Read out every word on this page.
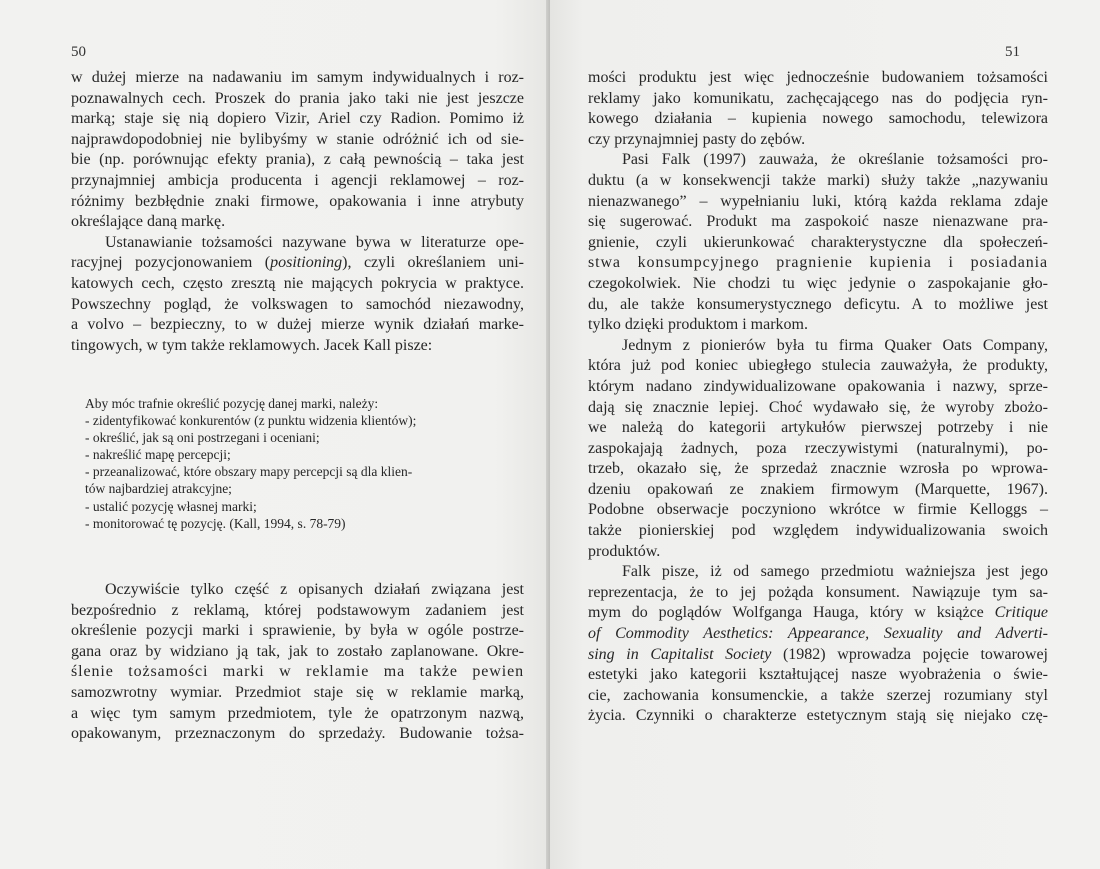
50
w dużej mierze na nadawaniu im samym indywidualnych i roz-
poznawalnych cech. Proszek do prania jako taki nie jest jeszcze
marką; staje się nią dopiero Vizir, Ariel czy Radion. Pomimo iż
najprawdopodobniej nie bylibyśmy w stanie odróżnić ich od sie-
bie (np. porównując efekty prania), z całą pewnością – taka jest
przynajmniej ambicja producenta i agencji reklamowej – roz-
różnimy bezbłędnie znaki firmowe, opakowania i inne atrybuty
określające daną markę.
Ustanawianie tożsamości nazywane bywa w literaturze ope-
racyjnej pozycjonowaniem (positioning), czyli określaniem uni-
katowych cech, często zresztą nie mających pokrycia w praktyce.
Powszechny pogląd, że volkswagen to samochód niezawodny,
a volvo – bezpieczny, to w dużej mierze wynik działań marke-
tingowych, w tym także reklamowych. Jacek Kall pisze:
Aby móc trafnie określić pozycję danej marki, należy:
- zidentyfikować konkurentów (z punktu widzenia klientów);
- określić, jak są oni postrzegani i oceniani;
- nakreślić mapę percepcji;
- przeanalizować, które obszary mapy percepcji są dla klien-
tów najbardziej atrakcyjne;
- ustalić pozycję własnej marki;
- monitorować tę pozycję. (Kall, 1994, s. 78-79)
Oczywiście tylko część z opisanych działań związana jest
bezpośrednio z reklamą, której podstawowym zadaniem jest
określenie pozycji marki i sprawienie, by była w ogóle postrze-
gana oraz by widziano ją tak, jak to zostało zaplanowane. Okre-
ślenie tożsamości marki w reklamie ma także pewien
samozwrotny wymiar. Przedmiot staje się w reklamie marką,
a więc tym samym przedmiotem, tyle że opatrzonym nazwą,
opakowanym, przeznaczonym do sprzedaży. Budowanie tożsa-
51
mości produktu jest więc jednocześnie budowaniem tożsamości
reklamy jako komunikatu, zachęcającego nas do podjęcia ryn-
kowego działania – kupienia nowego samochodu, telewizora
czy przynajmniej pasty do zębów.
Pasi Falk (1997) zauważa, że określanie tożsamości pro-
duktu (a w konsekwencji także marki) służy także „nazywaniu
nienazwanego” – wypełnianiu luki, którą każda reklama zdaje
się sugerować. Produkt ma zaspokoić nasze nienazwane pra-
gnienie, czyli ukierunkować charakterystyczne dla społeczeń-
stwa konsumpcyjnego pragnienie kupienia i posiadania
czegokolwiek. Nie chodzi tu więc jedynie o zaspokajanie gło-
du, ale także konsumerystycznego deficytu. A to możliwe jest
tylko dzięki produktom i markom.
Jednym z pionierów była tu firma Quaker Oats Company,
która już pod koniec ubiegłego stulecia zauważyła, że produkty,
którym nadano zindywidualizowane opakowania i nazwy, sprze-
dają się znacznie lepiej. Choć wydawało się, że wyroby zbożo-
we należą do kategorii artykułów pierwszej potrzeby i nie
zaspokajają żadnych, poza rzeczywistymi (naturalnymi), po-
trzeb, okazało się, że sprzedaż znacznie wzrosła po wprowa-
dzeniu opakowań ze znakiem firmowym (Marquette, 1967).
Podobne obserwacje poczyniono wkrótce w firmie Kelloggs –
także pionierskiej pod względem indywidualizowania swoich
produktów.
Falk pisze, iż od samego przedmiotu ważniejsza jest jego
reprezentacja, że to jej pożąda konsument. Nawiązuje tym sa-
mym do poglądów Wolfganga Hauga, który w książce Critique
of Commodity Aesthetics: Appearance, Sexuality and Adverti-
sing in Capitalist Society (1982) wprowadza pojęcie towarowej
estetyki jako kategorii kształtującej nasze wyobrażenia o świe-
cie, zachowania konsumenckie, a także szerzej rozumiany styl
życia. Czynniki o charakterze estetycznym stają się niejako czę-
